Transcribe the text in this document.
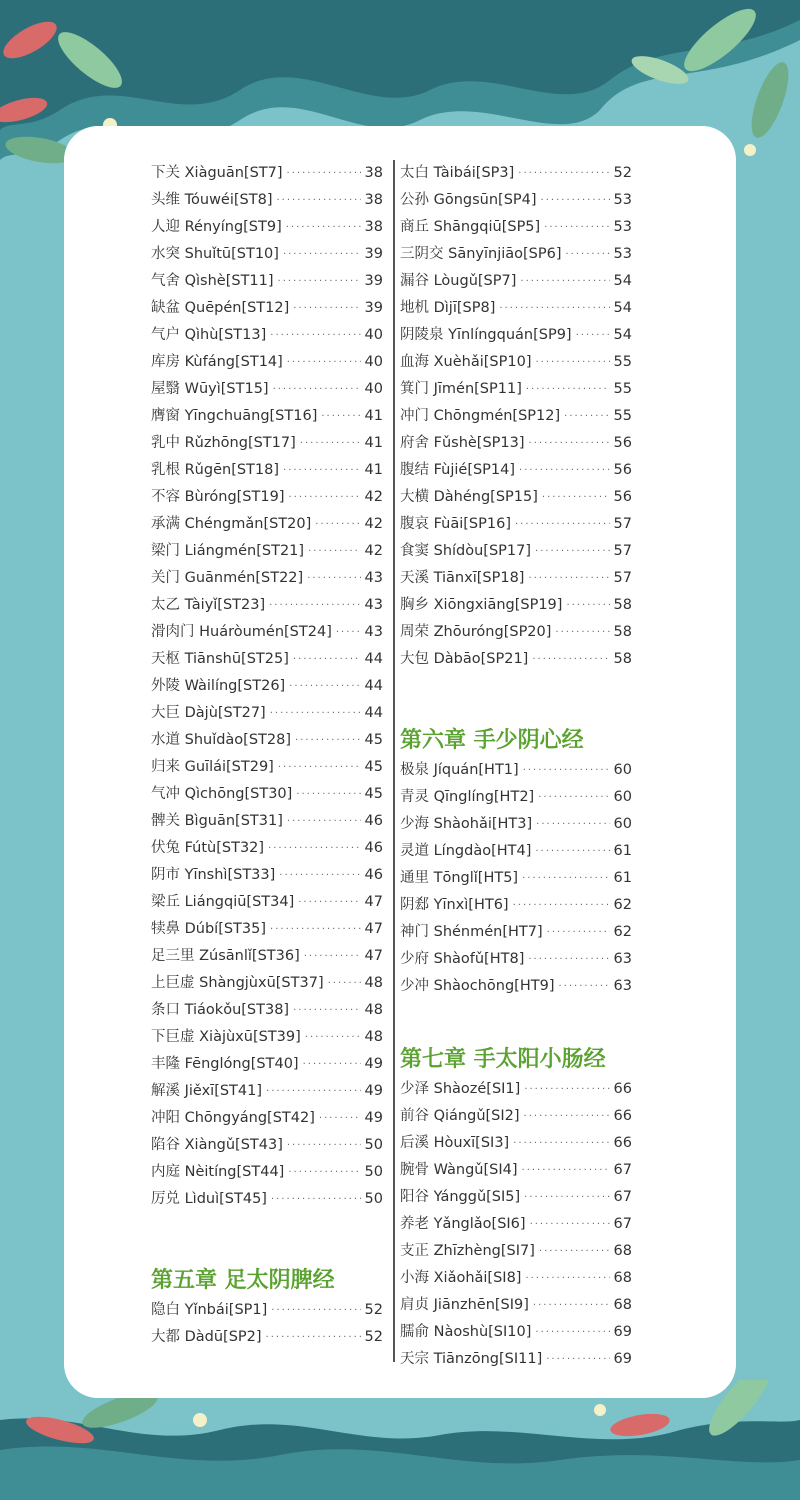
下关 Xiàguān[ST7] ·····	38
头维 Tóuwéi[ST8] ·····	38
人迎 Rényíng[ST9] ·····	38
水突 Shuǐtū[ST10] ·····	39
气舍 Qìshè[ST11] ·····	39
缺盆 Quēpén[ST12] ·····	39
气户 Qìhù[ST13] ·····	40
库房 Kùfáng[ST14] ·····	40
屋翳 Wūyì[ST15] ·····	40
膺窗 Yīngchuāng[ST16] ·····	41
乳中 Rǔzhōng[ST17] ·····	41
乳根 Rǔgēn[ST18] ·····	41
不容 Bùróng[ST19] ·····	42
承满 Chéngmǎn[ST20] ·····	42
梁门 Liángmén[ST21] ·····	42
关门 Guānmén[ST22] ·····	43
太乙 Tàiyǐ[ST23] ·····	43
滑肉门 Huáròumén[ST24] ····· 43
天枢 Tiānshū[ST25] ·····	44
外陵 Wàilíng[ST26] ·····	44
大巨 Dàjù[ST27] ·····	44
水道 Shuǐdào[ST28] ·····	45
归来 Guīlái[ST29] ·····	45
气冲 Qìchōng[ST30] ·····	45
髀关 Bìguān[ST31] ·····	46
伏兔 Fútù[ST32] ·····	46
阴市 Yīnshì[ST33] ·····	46
梁丘 Liángqiū[ST34] ·····	47
犊鼻 Dúbí[ST35] ·····	47
足三里 Zúsānlǐ[ST36] ·····	47
上巨虚 Shàngjùxū[ST37] ·····	48
条口 Tiáokǒu[ST38] ·····	48
下巨虚 Xiàjùxū[ST39] ·····	48
丰隆 Fēnglóng[ST40] ·····	49
解溪 Jiěxī[ST41] ·····	49
冲阳 Chōngyáng[ST42] ·····	49
陷谷 Xiàngǔ[ST43] ·····	50
内庭 Nèitíng[ST44] ·····	50
厉兑 Lìduì[ST45] ·····	50
第五章 足太阴脾经
隐白 Yǐnbái[SP1] ·····	52
大都 Dàdū[SP2] ·····	52
太白 Tàibái[SP3] ·····	52
公孙 Gōngsūn[SP4] ·····	53
商丘 Shāngqiū[SP5] ·····	53
三阴交 Sānyīnjiāo[SP6] ·····	53
漏谷 Lòugǔ[SP7] ·····	54
地机 Dìjī[SP8] ·····	54
阴陵泉 Yīnlíngquán[SP9] ·····	54
血海 Xuèhǎi[SP10] ·····	55
箕门 Jīmén[SP11] ·····	55
冲门 Chōngmén[SP12] ·····	55
府舍 Fǔshè[SP13] ·····	56
腹结 Fùjié[SP14] ·····	56
大横 Dàhéng[SP15] ·····	56
腹哀 Fùāi[SP16] ·····	57
食窦 Shídòu[SP17] ·····	57
天溪 Tiānxī[SP18] ·····	57
胸乡 Xiōngxiāng[SP19] ·····	58
周荣 Zhōuróng[SP20] ·····	58
大包 Dàbāo[SP21] ·····	58
第六章 手少阴心经
极泉 Jíquán[HT1] ·····	60
青灵 Qīnglíng[HT2] ·····	60
少海 Shàohǎi[HT3] ·····	60
灵道 Língdào[HT4] ·····	61
通里 Tōnglǐ[HT5] ·····	61
阴郄 Yīnxì[HT6] ·····	62
神门 Shénmén[HT7] ·····	62
少府 Shàofǔ[HT8] ·····	63
少冲 Shàochōng[HT9] ·····	63
第七章 手太阳小肠经
少泽 Shàozé[SI1] ·····	66
前谷 Qiángǔ[SI2] ·····	66
后溪 Hòuxī[SI3] ·····	66
腕骨 Wàngǔ[SI4] ·····	67
阳谷 Yánggǔ[SI5] ·····	67
养老 Yǎnglǎo[SI6] ·····	67
支正 Zhīzhèng[SI7] ·····	68
小海 Xiǎohǎi[SI8] ·····	68
肩贞 Jiānzhēn[SI9] ·····	68
臑俞 Nàoshù[SI10] ·····	69
天宗 Tiānzōng[SI11] ·····	69
